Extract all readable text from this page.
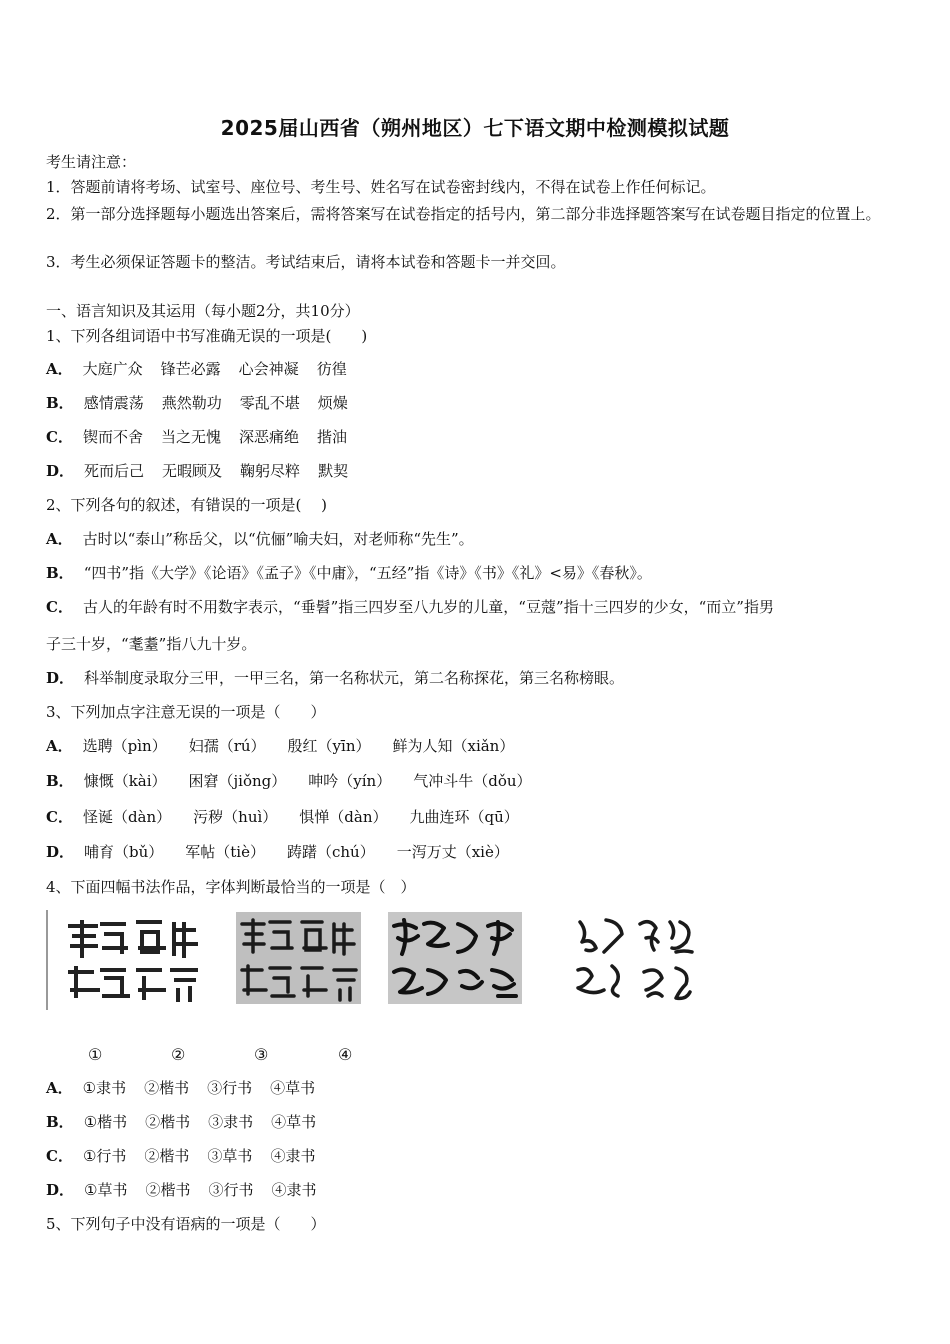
2025届山西省（朔州地区）七下语文期中检测模拟试题
考生请注意：
1．答题前请将考场、试室号、座位号、考生号、姓名写在试卷密封线内，不得在试卷上作任何标记。
2．第一部分选择题每小题选出答案后，需将答案写在试卷指定的括号内，第二部分非选择题答案写在试卷题目指定的位置上。
3．考生必须保证答题卡的整洁。考试结束后，请将本试卷和答题卡一并交回。
一、语言知识及其运用（每小题2分，共10分）
1、下列各组词语中书写准确无误的一项是(　　)
A． 大庭广众 锋芒必露 心会神凝 彷徨
B． 感情震荡 燕然勒功 零乱不堪 烦燥
C． 锲而不舍 当之无愧 深恶痛绝 揩油
D． 死而后己 无暇顾及 鞠躬尽粹 默契
2、下列各句的叙述，有错误的一项是(　 )
A． 古时以“泰山”称岳父，以“伉俪”喻夫妇，对老师称“先生”。
B． “四书”指《大学》《论语》《孟子》《中庸》，“五经”指《诗》《书》《礼》<易》《春秋》。
C． 古人的年龄有时不用数字表示，“垂髫”指三四岁至八九岁的儿童，“豆蔻”指十三四岁的少女，“而立”指男
子三十岁，“耄耋”指八九十岁。
D． 科举制度录取分三甲，一甲三名，第一名称状元，第二名称探花，第三名称榜眼。
3、下列加点字注意无误的一项是（　　）
A． 选聘（pìn） 妇孺（rú） 殷红（yīn） 鲜为人知（xiǎn）
B． 慷慨（kài） 困窘（jiǒng） 呻吟（yín） 气冲斗牛（dǒu）
C． 怪诞（dàn） 污秽（huì） 惧惮（dàn） 九曲连环（qū）
D． 哺育（bǔ） 军帖（tiè） 踌躇（chú） 一泻万丈（xiè）
4、下面四幅书法作品，字体判断最恰当的一项是（　）
①	②	③	④
A． ①隶书 ②楷书 ③行书 ④草书
B． ①楷书 ②楷书 ③隶书 ④草书
C． ①行书 ②楷书 ③草书 ④隶书
D． ①草书 ②楷书 ③行书 ④隶书
5、下列句子中没有语病的一项是（　　）
